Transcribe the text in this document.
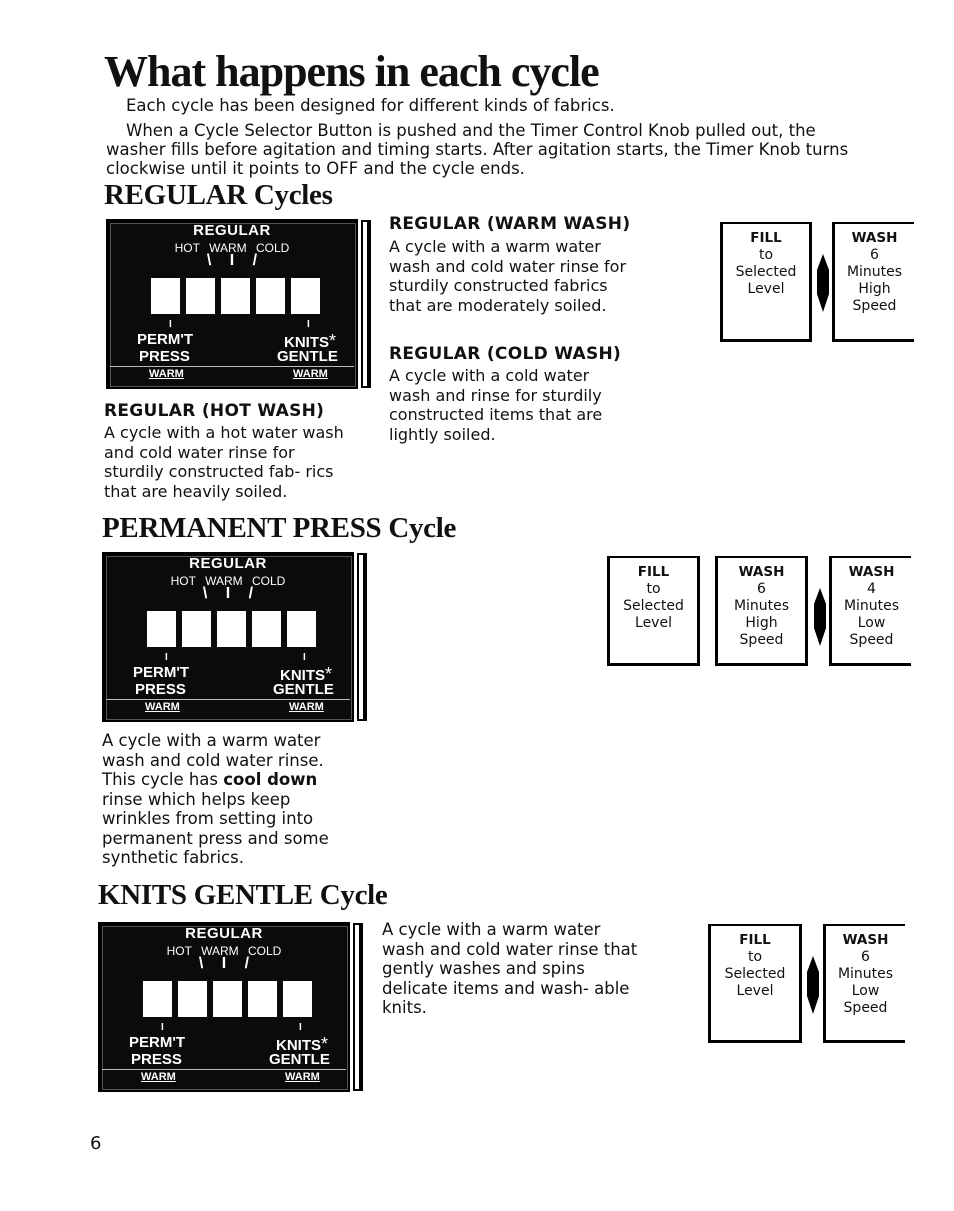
What happens in each cycle
Each cycle has been designed for different kinds of fabrics.
When a Cycle Selector Button is pushed and the Timer Control Knob pulled out, the washer fills before agitation and timing starts. After agitation starts, the Timer Knob turns clockwise until it points to OFF and the cycle ends.
REGULAR Cycles
REGULAR
HOT WARM COLD
\ I /
I	I
PERM'T
PRESS
KNITS*
GENTLE
WARM	WARM
REGULAR (HOT WASH)
A cycle with a hot water wash and cold water rinse for sturdily constructed fab- rics that are heavily soiled.
REGULAR (WARM WASH)
A cycle with a warm water wash and cold water rinse for sturdily constructed fabrics that are moderately soiled.
REGULAR (COLD WASH)
A cycle with a cold water wash and rinse for sturdily constructed items that are lightly soiled.
FILL
to
Selected
Level
WASH
6
Minutes
High
Speed
PERMANENT PRESS Cycle
REGULAR
HOT WARM COLD
\ I /
I	I
PERM'T
PRESS
KNITS*
GENTLE
WARM	WARM
A cycle with a warm water wash and cold water rinse.
This cycle has cool down
rinse which helps keep wrinkles from setting into permanent press and some synthetic fabrics.
FILL
to
Selected
Level
WASH
6
Minutes
High
Speed
WASH
4
Minutes
Low
Speed
KNITS GENTLE Cycle
REGULAR
HOT WARM COLD
\ I /
I	I
PERM'T
PRESS
KNITS*
GENTLE
WARM	WARM
A cycle with a warm water wash and cold water rinse that gently washes and spins delicate items and wash- able knits.
FILL
to
Selected
Level
WASH
6
Minutes
Low
Speed
6
